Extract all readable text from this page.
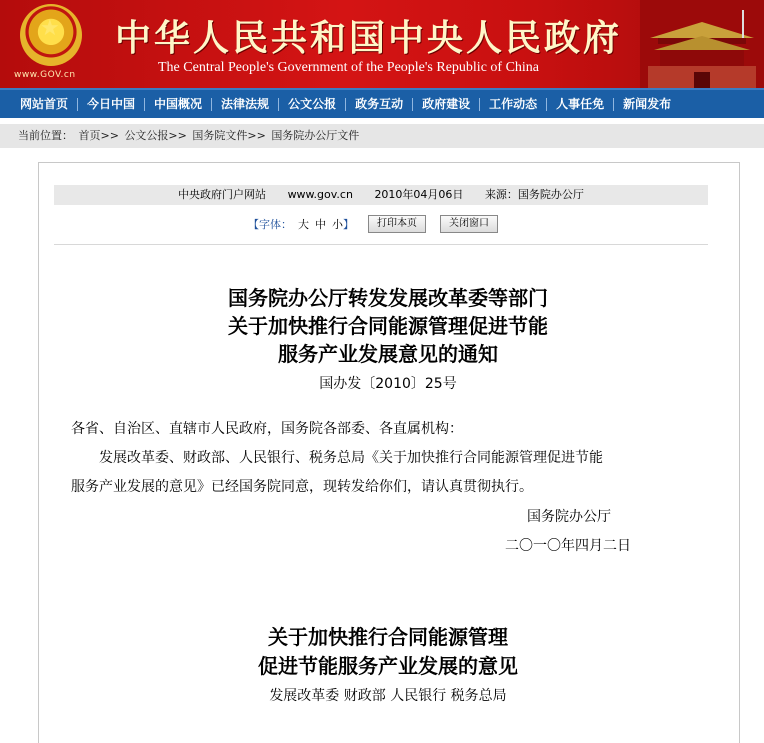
★
www.GOV.cn
中华人民共和国中央人民政府
The Central People's Government of the People's Republic of China
网站首页	今日中国	中国概况	法律法规	公文公报	政务互动	政府建设	工作动态	人事任免	新闻发布
当前位置： 首页>> 公文公报>> 国务院文件>> 国务院办公厅文件
中央政府门户网站 www.gov.cn 2010年04月06日 来源：国务院办公厅
【字体： 大 中 小 】	打印本页	关闭窗口
国务院办公厅转发发展改革委等部门
关于加快推行合同能源管理促进节能
服务产业发展意见的通知
国办发〔2010〕25号
各省、自治区、直辖市人民政府，国务院各部委、各直属机构：
发展改革委、财政部、人民银行、税务总局《关于加快推行合同能源管理促进节能
服务产业发展的意见》已经国务院同意，现转发给你们，请认真贯彻执行。
国务院办公厅
二〇一〇年四月二日
关于加快推行合同能源管理
促进节能服务产业发展的意见
发展改革委 财政部 人民银行 税务总局
